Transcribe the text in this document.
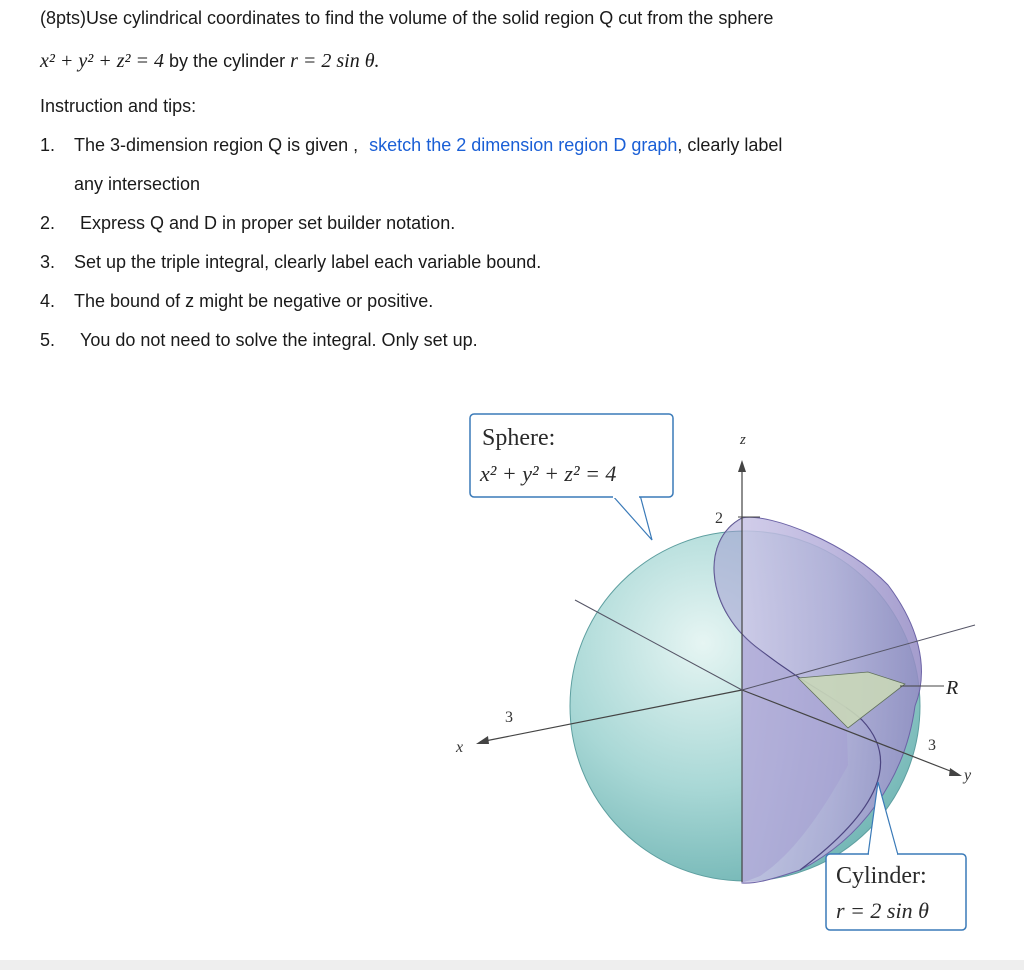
(8pts)Use cylindrical coordinates to find the volume of the solid region Q cut from the sphere
x² + y² + z² = 4 by the cylinder r = 2 sin θ.
Instruction and tips:
1. The 3-dimension region Q is given , sketch the 2 dimension region D graph, clearly label
any intersection
2. Express Q and D in proper set builder notation.
3. Set up the triple integral, clearly label each variable bound.
4. The bound of z might be negative or positive.
5. You do not need to solve the integral. Only set up.
z
x
y
R
2
3
3
Sphere:
x² + y² + z² = 4
Cylinder:
r = 2 sin θ
